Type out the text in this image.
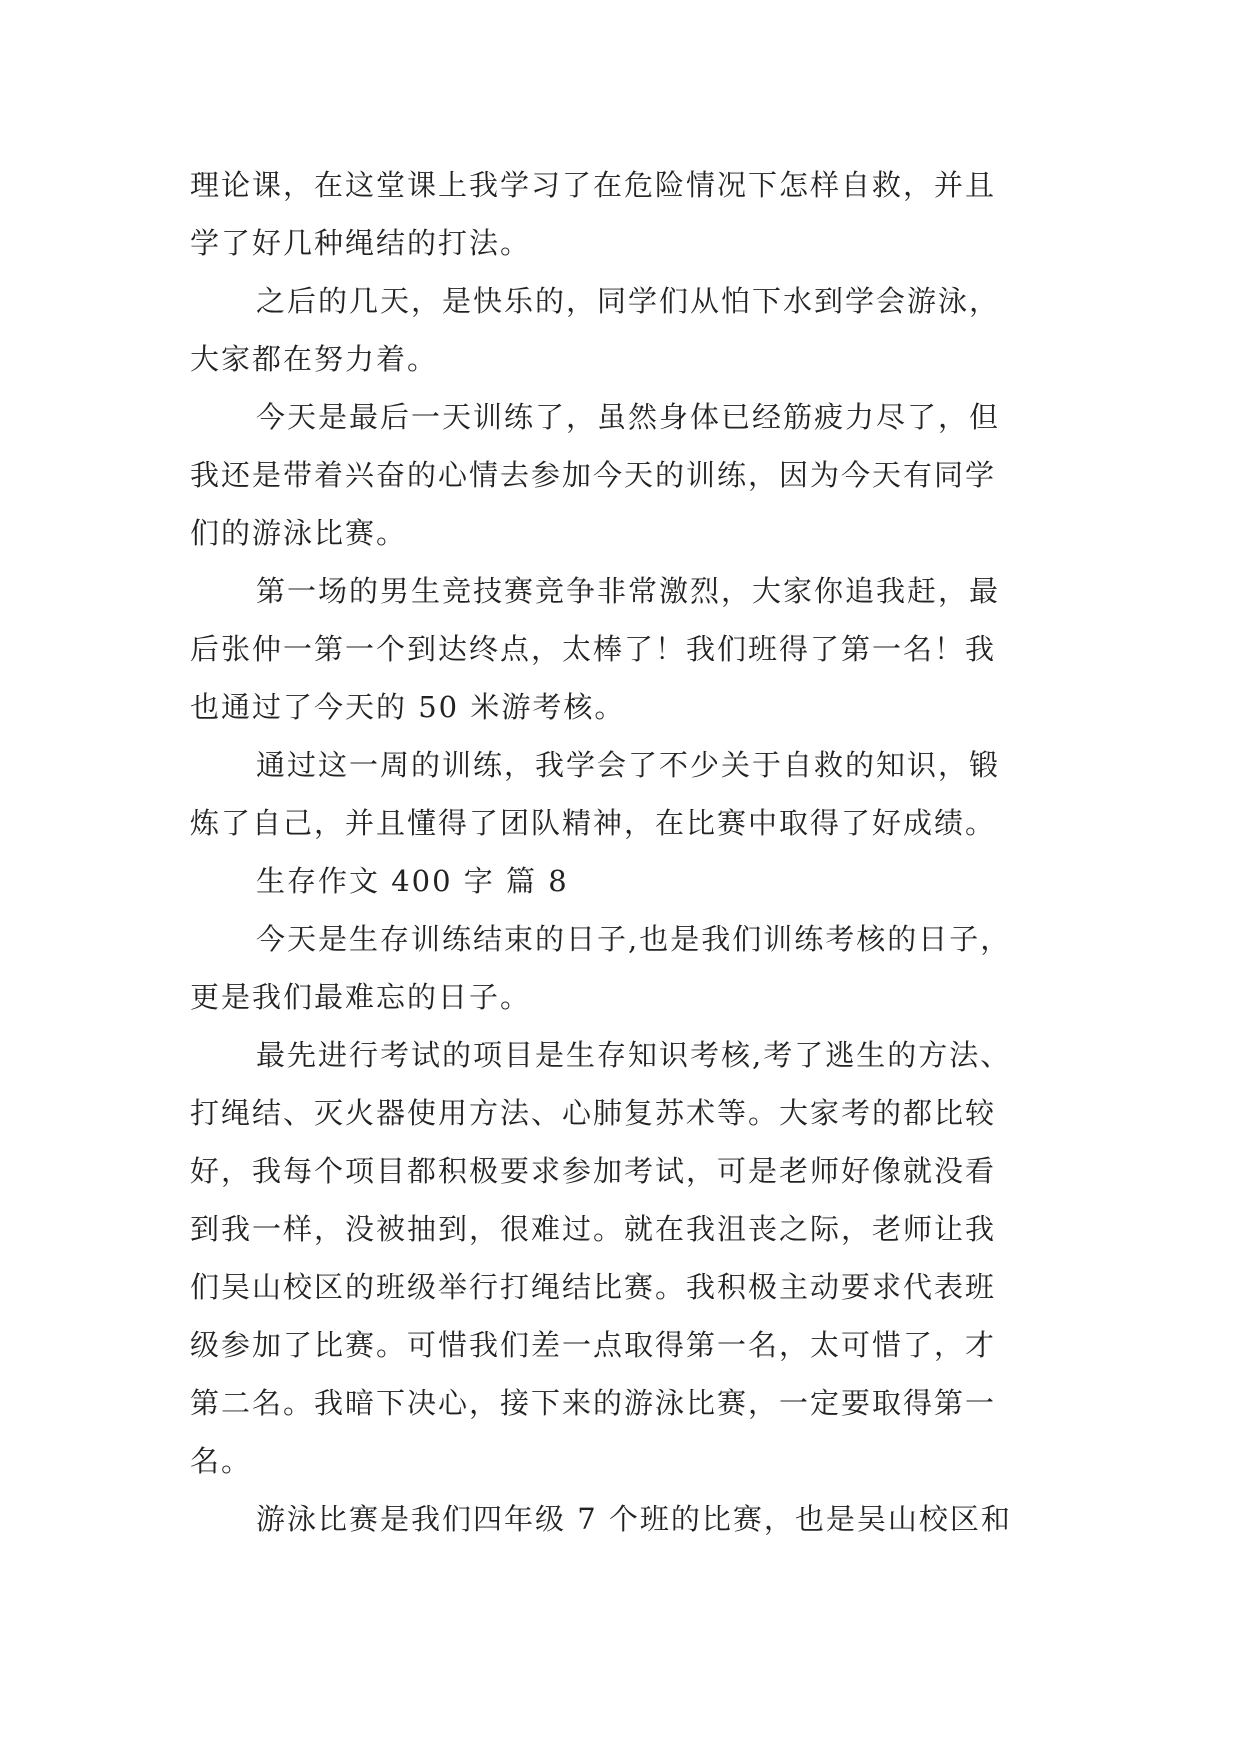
理论课，在这堂课上我学习了在危险情况下怎样自救，并且
学了好几种绳结的打法。
之后的几天，是快乐的，同学们从怕下水到学会游泳，
大家都在努力着。
今天是最后一天训练了，虽然身体已经筋疲力尽了，但
我还是带着兴奋的心情去参加今天的训练，因为今天有同学
们的游泳比赛。
第一场的男生竞技赛竞争非常激烈，大家你追我赶，最
后张仲一第一个到达终点，太棒了！我们班得了第一名！我
也通过了今天的 50 米游考核。
通过这一周的训练，我学会了不少关于自救的知识，锻
炼了自己，并且懂得了团队精神，在比赛中取得了好成绩。
生存作文 400 字 篇 8
今天是生存训练结束的日子,也是我们训练考核的日子，
更是我们最难忘的日子。
最先进行考试的项目是生存知识考核,考了逃生的方法、
打绳结、灭火器使用方法、心肺复苏术等。大家考的都比较
好，我每个项目都积极要求参加考试，可是老师好像就没看
到我一样，没被抽到，很难过。就在我沮丧之际，老师让我
们吴山校区的班级举行打绳结比赛。我积极主动要求代表班
级参加了比赛。可惜我们差一点取得第一名，太可惜了，才
第二名。我暗下决心，接下来的游泳比赛，一定要取得第一
名。
游泳比赛是我们四年级 7 个班的比赛，也是吴山校区和
